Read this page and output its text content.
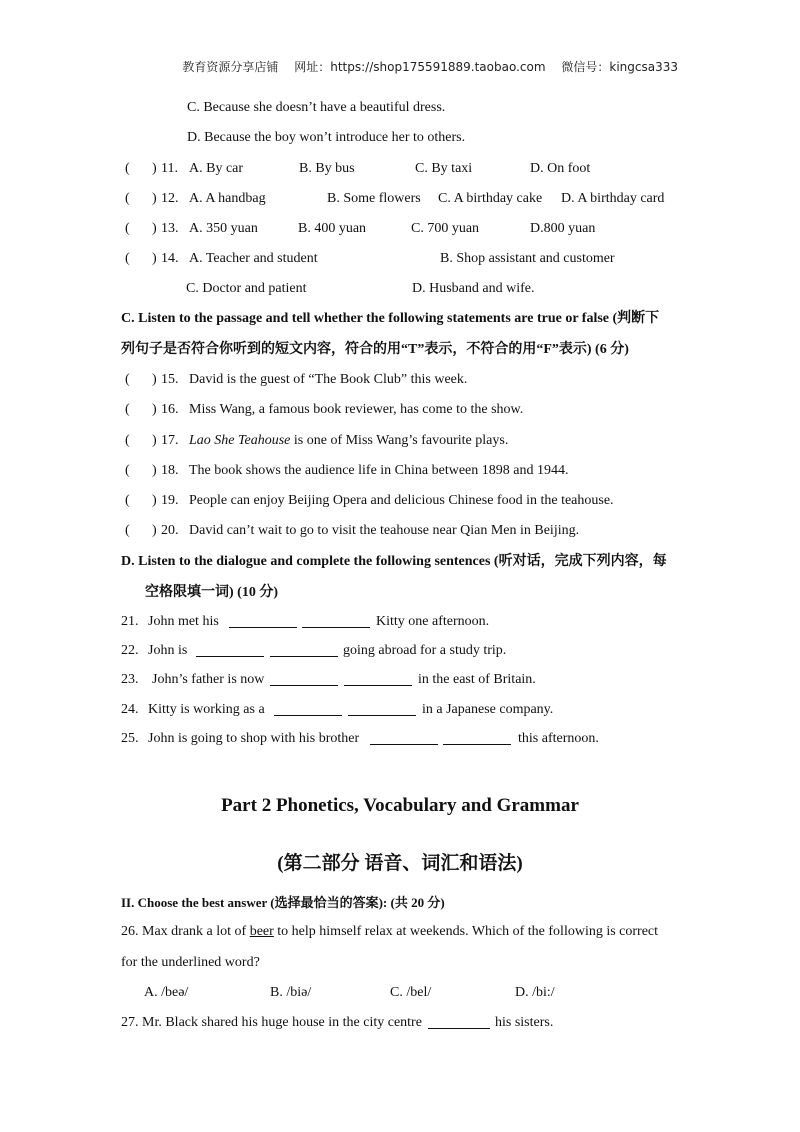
教育资源分享店铺 网址：https://shop175591889.taobao.com 微信号：kingcsa333
C. Because she doesn’t have a beautiful dress.
D. Because the boy won’t introduce her to others.
( ) 11. A. By car	B. By bus	C. By taxi	D. On foot
( ) 12. A. A handbag	B. Some flowers C. A birthday cake D. A birthday card
( ) 13. A. 350 yuan	B. 400 yuan	C. 700 yuan	D.800 yuan
( ) 14. A. Teacher and student	B. Shop assistant and customer
C. Doctor and patient	D. Husband and wife.
C. Listen to the passage and tell whether the following statements are true or false (判断下
列句子是否符合你听到的短文内容，符合的用“T”表示，不符合的用“F”表示) (6 分)
( ) 15. David is the guest of “The Book Club” this week.
( ) 16. Miss Wang, a famous book reviewer, has come to the show.
( ) 17. Lao She Teahouse is one of Miss Wang’s favourite plays.
( ) 18. The book shows the audience life in China between 1898 and 1944.
( ) 19. People can enjoy Beijing Opera and delicious Chinese food in the teahouse.
( ) 20. David can’t wait to go to visit the teahouse near Qian Men in Beijing.
D. Listen to the dialogue and complete the following sentences (听对话，完成下列内容，每
空格限填一词) (10 分)
21. John met his	Kitty one afternoon.
22. John is	going abroad for a study trip.
23. John’s father is now	in the east of Britain.
24. Kitty is working as a	in a Japanese company.
25. John is going to shop with his brother	this afternoon.
Part 2 Phonetics, Vocabulary and Grammar
(第二部分 语音、词汇和语法)
II. Choose the best answer (选择最恰当的答案): (共 20 分)
26. Max drank a lot of beer to help himself relax at weekends. Which of the following is correct
for the underlined word?
A. /beə/	B. /biə/	C. /bel/	D. /bi:/
27. Mr. Black shared his huge house in the city centre	his sisters.
